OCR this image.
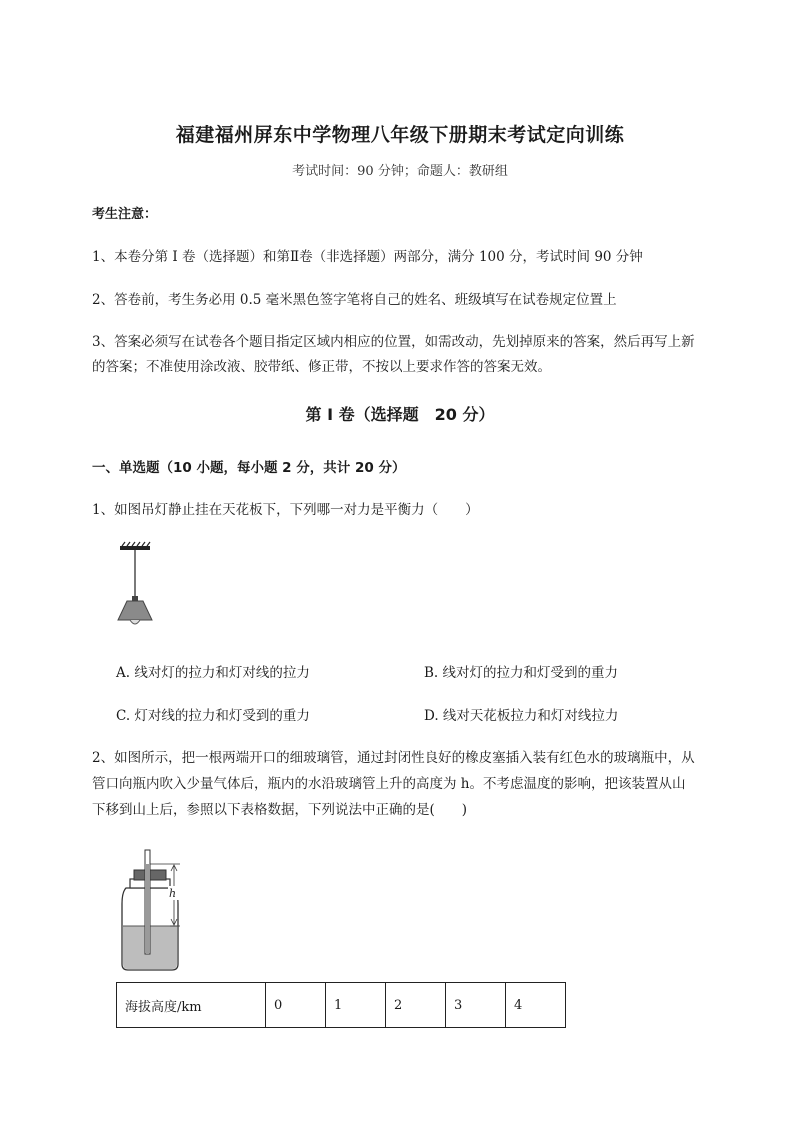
福建福州屏东中学物理八年级下册期末考试定向训练
考试时间：90 分钟；命题人：教研组
考生注意：
1、本卷分第 I 卷（选择题）和第Ⅱ卷（非选择题）两部分，满分 100 分，考试时间 90 分钟
2、答卷前，考生务必用 0.5 毫米黑色签字笔将自己的姓名、班级填写在试卷规定位置上
3、答案必须写在试卷各个题目指定区域内相应的位置，如需改动，先划掉原来的答案，然后再写上新
的答案；不准使用涂改液、胶带纸、修正带，不按以上要求作答的答案无效。
第 I 卷（选择题　20 分）
一、单选题（10 小题，每小题 2 分，共计 20 分）
1、如图吊灯静止挂在天花板下，下列哪一对力是平衡力（　　）
A. 线对灯的拉力和灯对线的拉力	B. 线对灯的拉力和灯受到的重力
C. 灯对线的拉力和灯受到的重力	D. 线对天花板拉力和灯对线拉力
2、如图所示，把一根两端开口的细玻璃管，通过封闭性良好的橡皮塞插入装有红色水的玻璃瓶中，从
管口向瓶内吹入少量气体后，瓶内的水沿玻璃管上升的高度为 h。不考虑温度的影响，把该装置从山
下移到山上后，参照以下表格数据，下列说法中正确的是(　　)
h
海拔高度/km	0	1	2	3	4
